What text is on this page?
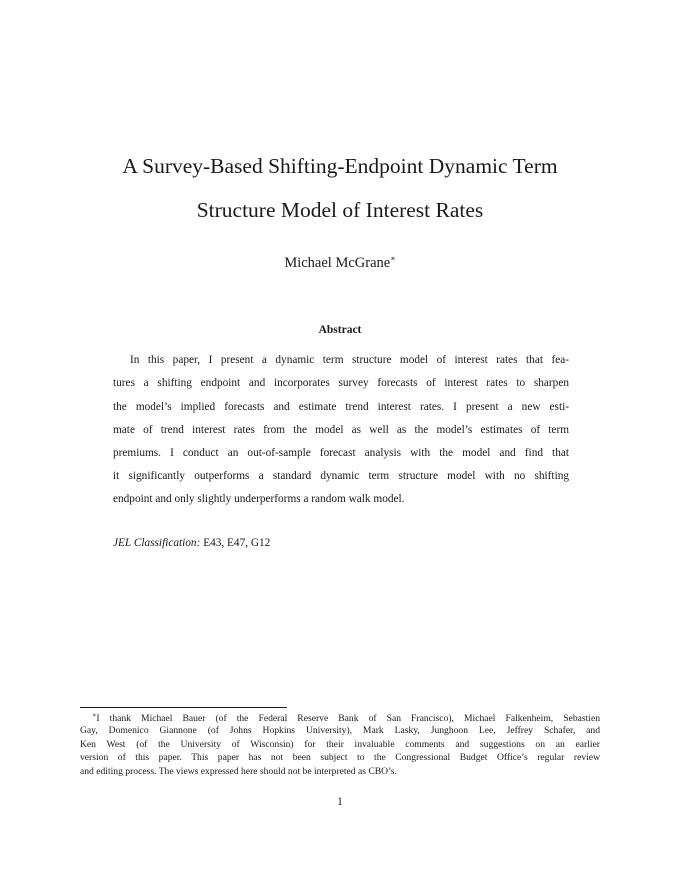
A Survey-Based Shifting-Endpoint Dynamic Term
Structure Model of Interest Rates
Michael McGrane∗
Abstract
In this paper, I present a dynamic term structure model of interest rates that fea-
tures a shifting endpoint and incorporates survey forecasts of interest rates to sharpen
the model’s implied forecasts and estimate trend interest rates. I present a new esti-
mate of trend interest rates from the model as well as the model’s estimates of term
premiums. I conduct an out-of-sample forecast analysis with the model and find that
it significantly outperforms a standard dynamic term structure model with no shifting
endpoint and only slightly underperforms a random walk model.
JEL Classification: E43, E47, G12
∗I thank Michael Bauer (of the Federal Reserve Bank of San Francisco), Michael Falkenheim, Sebastien
Gay, Domenico Giannone (of Johns Hopkins University), Mark Lasky, Junghoon Lee, Jeffrey Schafer, and
Ken West (of the University of Wisconsin) for their invaluable comments and suggestions on an earlier
version of this paper. This paper has not been subject to the Congressional Budget Office’s regular review
and editing process. The views expressed here should not be interpreted as CBO’s.
1
